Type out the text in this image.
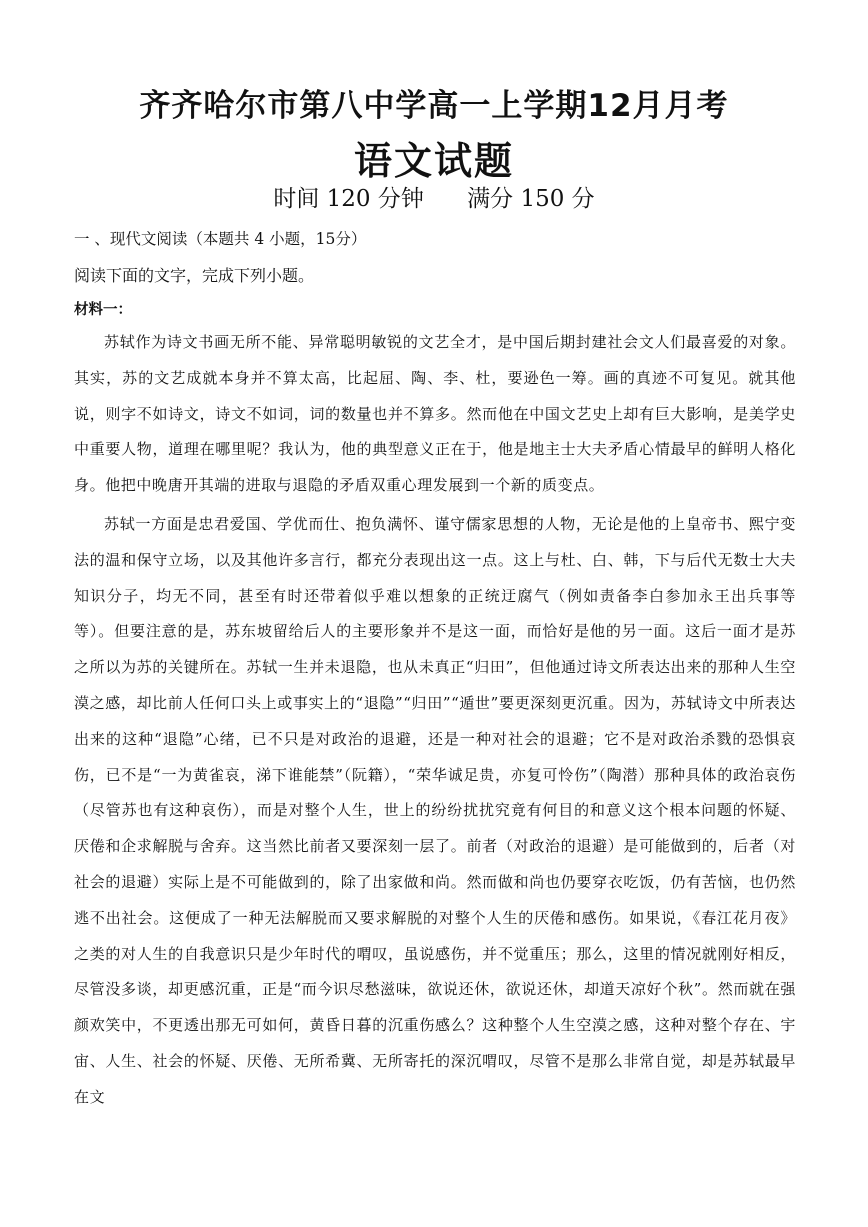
齐齐哈尔市第八中学高一上学期12月月考
语文试题
时间 120 分钟 满分 150 分
一 、现代文阅读（本题共 4 小题，15分）
阅读下面的文字，完成下列小题。
材料一：

苏轼作为诗文书画无所不能、异常聪明敏锐的文艺全才，是中国后期封建社会文人们最喜爱的对象。其实，苏的文艺成就本身并不算太高，比起屈、陶、李、杜，要逊色一筹。画的真迹不可复见。就其他说，则字不如诗文，诗文不如词，词的数量也并不算多。然而他在中国文艺史上却有巨大影响，是美学史中重要人物，道理在哪里呢？我认为，他的典型意义正在于，他是地主士大夫矛盾心情最早的鲜明人格化身。他把中晚唐开其端的进取与退隐的矛盾双重心理发展到一个新的质变点。

苏轼一方面是忠君爱国、学优而仕、抱负满怀、谨守儒家思想的人物，无论是他的上皇帝书、熙宁变法的温和保守立场，以及其他许多言行，都充分表现出这一点。这上与杜、白、韩，下与后代无数士大夫知识分子，均无不同，甚至有时还带着似乎难以想象的正统迂腐气（例如责备李白参加永王出兵事等等）。但要注意的是，苏东坡留给后人的主要形象并不是这一面，而恰好是他的另一面。这后一面才是苏之所以为苏的关键所在。苏轼一生并未退隐，也从未真正“归田”，但他通过诗文所表达出来的那种人生空漠之感，却比前人任何口头上或事实上的“退隐”“归田”“遁世”要更深刻更沉重。因为，苏轼诗文中所表达出来的这种“退隐”心绪，已不只是对政治的退避，还是一种对社会的退避；它不是对政治杀戮的恐惧哀伤，已不是“一为黄雀哀，涕下谁能禁”（阮籍），“荣华诚足贵，亦复可怜伤”（陶潜）那种具体的政治哀伤（尽管苏也有这种哀伤），而是对整个人生，世上的纷纷扰扰究竟有何目的和意义这个根本问题的怀疑、厌倦和企求解脱与舍弃。这当然比前者又要深刻一层了。前者（对政治的退避）是可能做到的，后者（对社会的退避）实际上是不可能做到的，除了出家做和尚。然而做和尚也仍要穿衣吃饭，仍有苦恼，也仍然逃不出社会。这便成了一种无法解脱而又要求解脱的对整个人生的厌倦和感伤。如果说，《春江花月夜》之类的对人生的自我意识只是少年时代的喟叹，虽说感伤，并不觉重压；那么，这里的情况就刚好相反，尽管没多谈，却更感沉重，正是“而今识尽愁滋味，欲说还休，欲说还休，却道天凉好个秋”。然而就在强颜欢笑中，不更透出那无可如何，黄昏日暮的沉重伤感么？这种整个人生空漠之感，这种对整个存在、宇宙、人生、社会的怀疑、厌倦、无所希冀、无所寄托的深沉喟叹，尽管不是那么非常自觉，却是苏轼最早在文
